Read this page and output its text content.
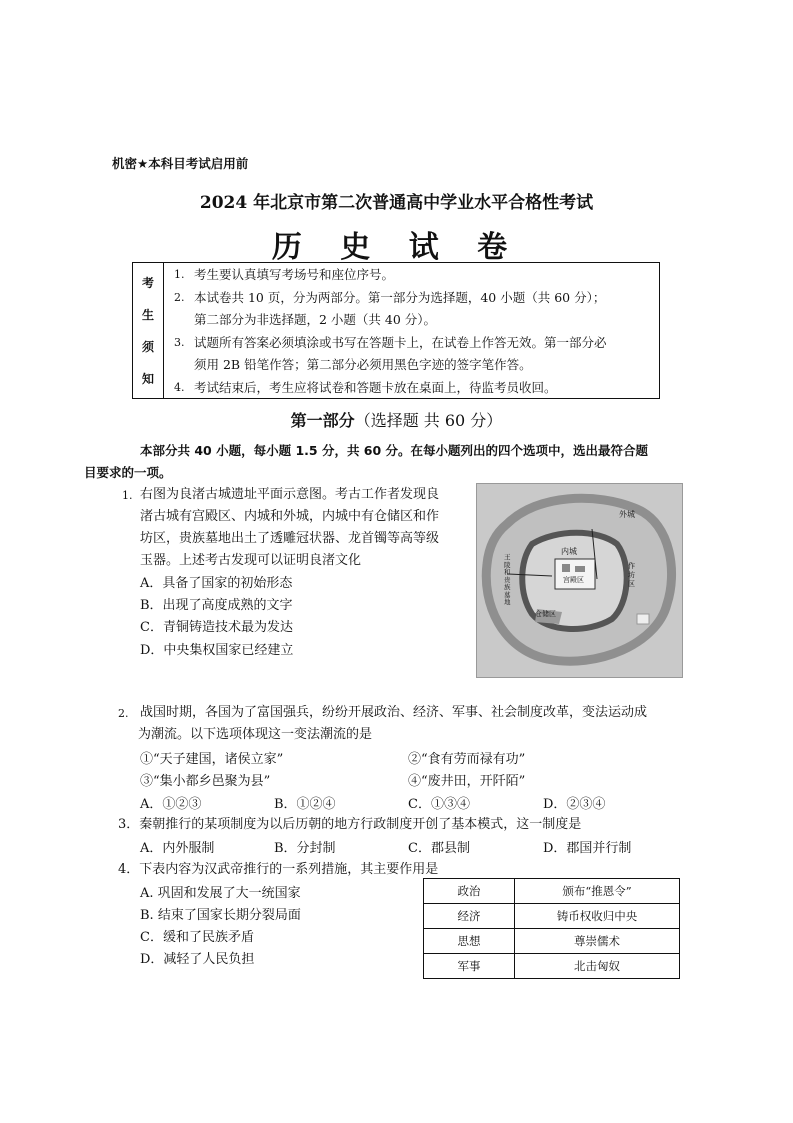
机密★本科目考试启用前
2024 年北京市第二次普通高中学业水平合格性考试
历 史 试 卷
考
生
须
知
1. 考生要认真填写考场号和座位序号。
2. 本试卷共 10 页，分为两部分。第一部分为选择题，40 小题（共 60 分）；
第二部分为非选择题，2 小题（共 40 分）。
3. 试题所有答案必须填涂或书写在答题卡上，在试卷上作答无效。第一部分必
须用 2B 铅笔作答；第二部分必须用黑色字迹的签字笔作答。
4. 考试结束后，考生应将试卷和答题卡放在桌面上，待监考员收回。
第一部分（选择题 共 60 分）
本部分共 40 小题，每小题 1.5 分，共 60 分。在每小题列出的四个选项中，选出最符合题
目要求的一项。
1. 右图为良渚古城遗址平面示意图。考古工作者发现良
渚古城有宫殿区、内城和外城，内城中有仓储区和作
坊区，贵族墓地出土了透雕冠状器、龙首镯等高等级
玉器。上述考古发现可以证明良渚文化
A．具备了国家的初始形态
B．出现了高度成熟的文字
C．青铜铸造技术最为发达
D．中央集权国家已经建立
外城
内城
宫殿区
作坊区
仓储区
王陵和贵族墓地
2. 战国时期，各国为了富国强兵，纷纷开展政治、经济、军事、社会制度改革，变法运动成
为潮流。以下选项体现这一变法潮流的是
①“天子建国，诸侯立家”	②“食有劳而禄有功”
③“集小都乡邑聚为县”	④“废井田，开阡陌”
A．①②③	B．①②④	C．①③④	D．②③④
3．秦朝推行的某项制度为以后历朝的地方行政制度开创了基本模式，这一制度是
A．内外服制	B．分封制	C．郡县制	D．郡国并行制
4．下表内容为汉武帝推行的一系列措施，其主要作用是
A. 巩固和发展了大一统国家
B. 结束了国家长期分裂局面
C．缓和了民族矛盾
D．减轻了人民负担
政治	颁布“推恩令”
经济	铸币权收归中央
思想	尊崇儒术
军事	北击匈奴
